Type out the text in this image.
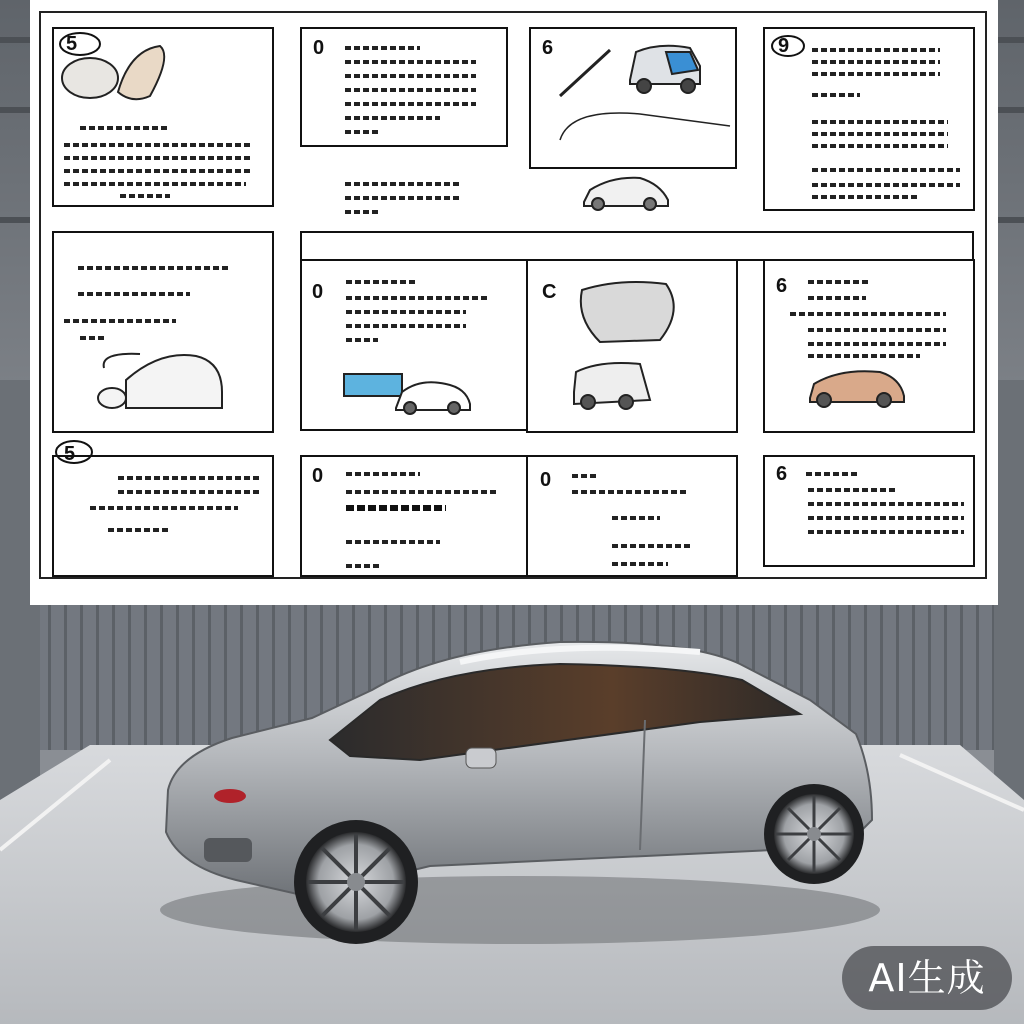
5	0	6	9
0	C	6
5
0	0	6
AI生成
